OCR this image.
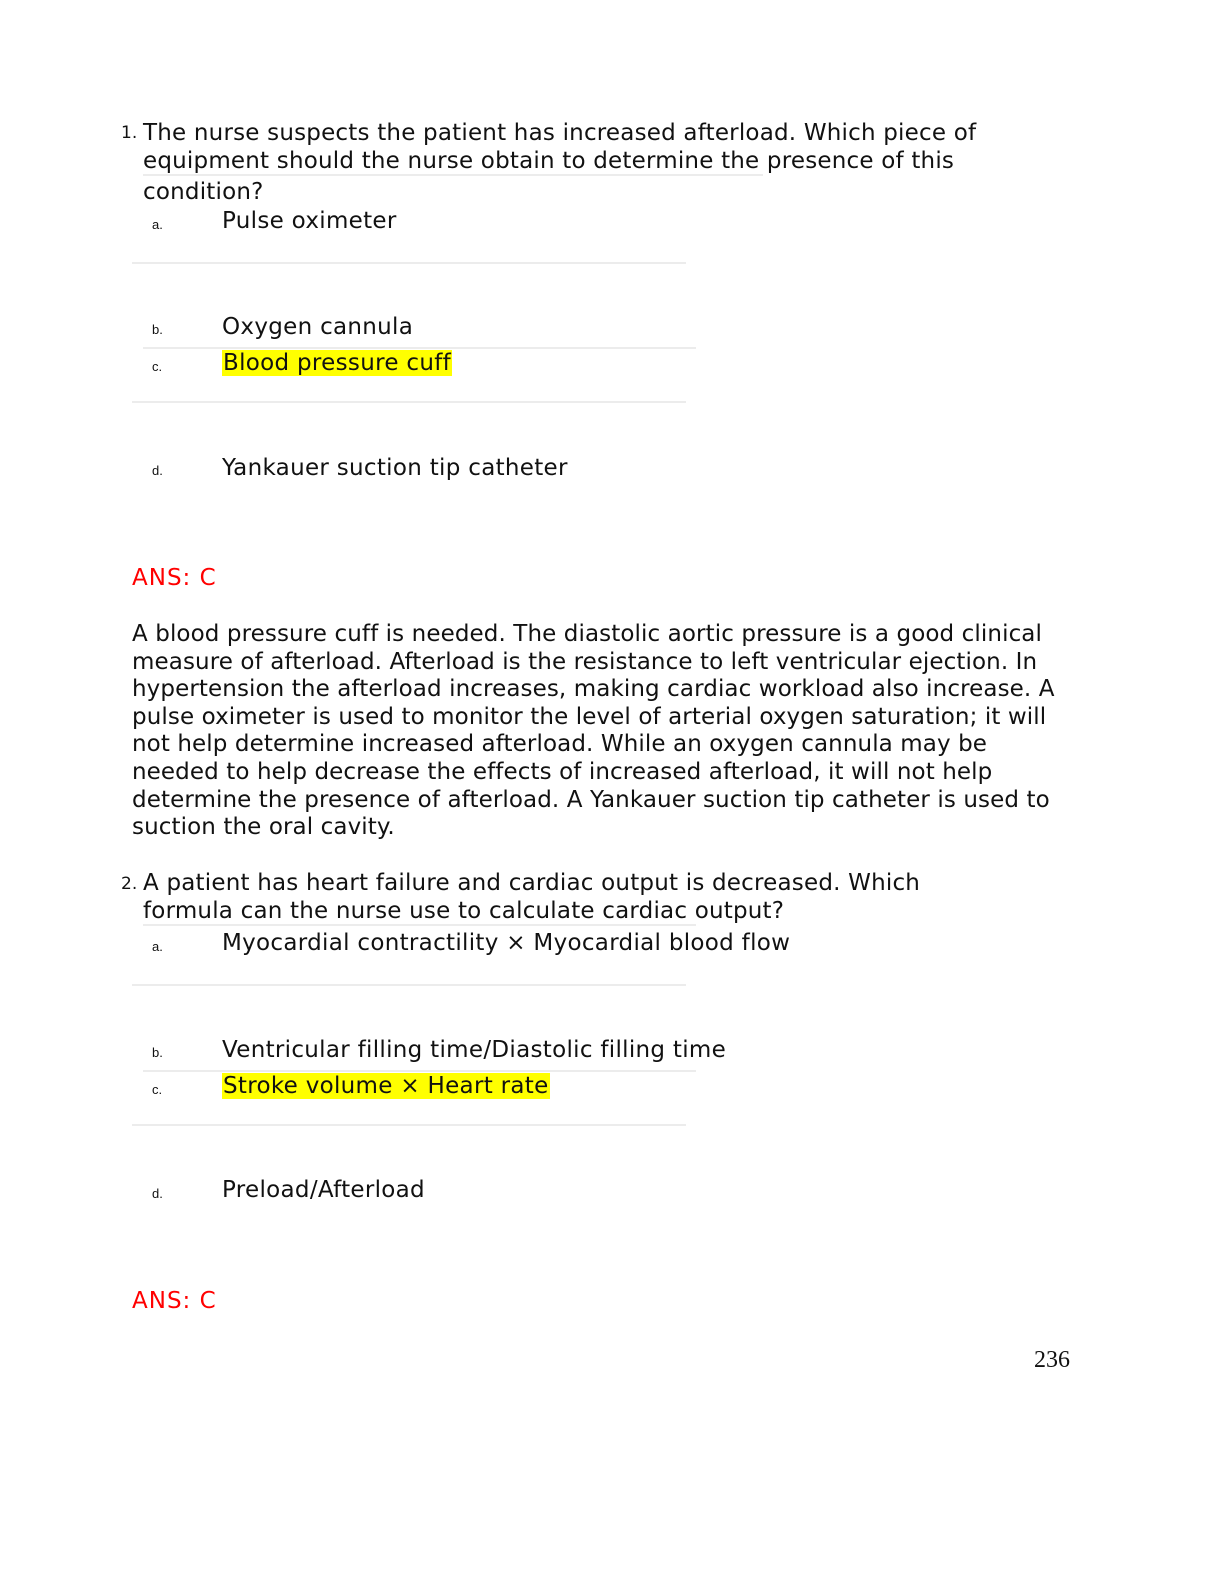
1. The nurse suspects the patient has increased afterload. Which piece of
equipment should the nurse obtain to determine the presence of this
condition?
a.	Pulse oximeter
b.	Oxygen cannula
c.	Blood pressure cuff
d.	Yankauer suction tip catheter
ANS: C
A blood pressure cuff is needed. The diastolic aortic pressure is a good clinical
measure of afterload. Afterload is the resistance to left ventricular ejection. In
hypertension the afterload increases, making cardiac workload also increase. A
pulse oximeter is used to monitor the level of arterial oxygen saturation; it will
not help determine increased afterload. While an oxygen cannula may be
needed to help decrease the effects of increased afterload, it will not help
determine the presence of afterload. A Yankauer suction tip catheter is used to
suction the oral cavity.
2. A patient has heart failure and cardiac output is decreased. Which
formula can the nurse use to calculate cardiac output?
a.	Myocardial contractility × Myocardial blood flow
b.	Ventricular filling time/Diastolic filling time
c.	Stroke volume × Heart rate
d.	Preload/Afterload
ANS: C
236
